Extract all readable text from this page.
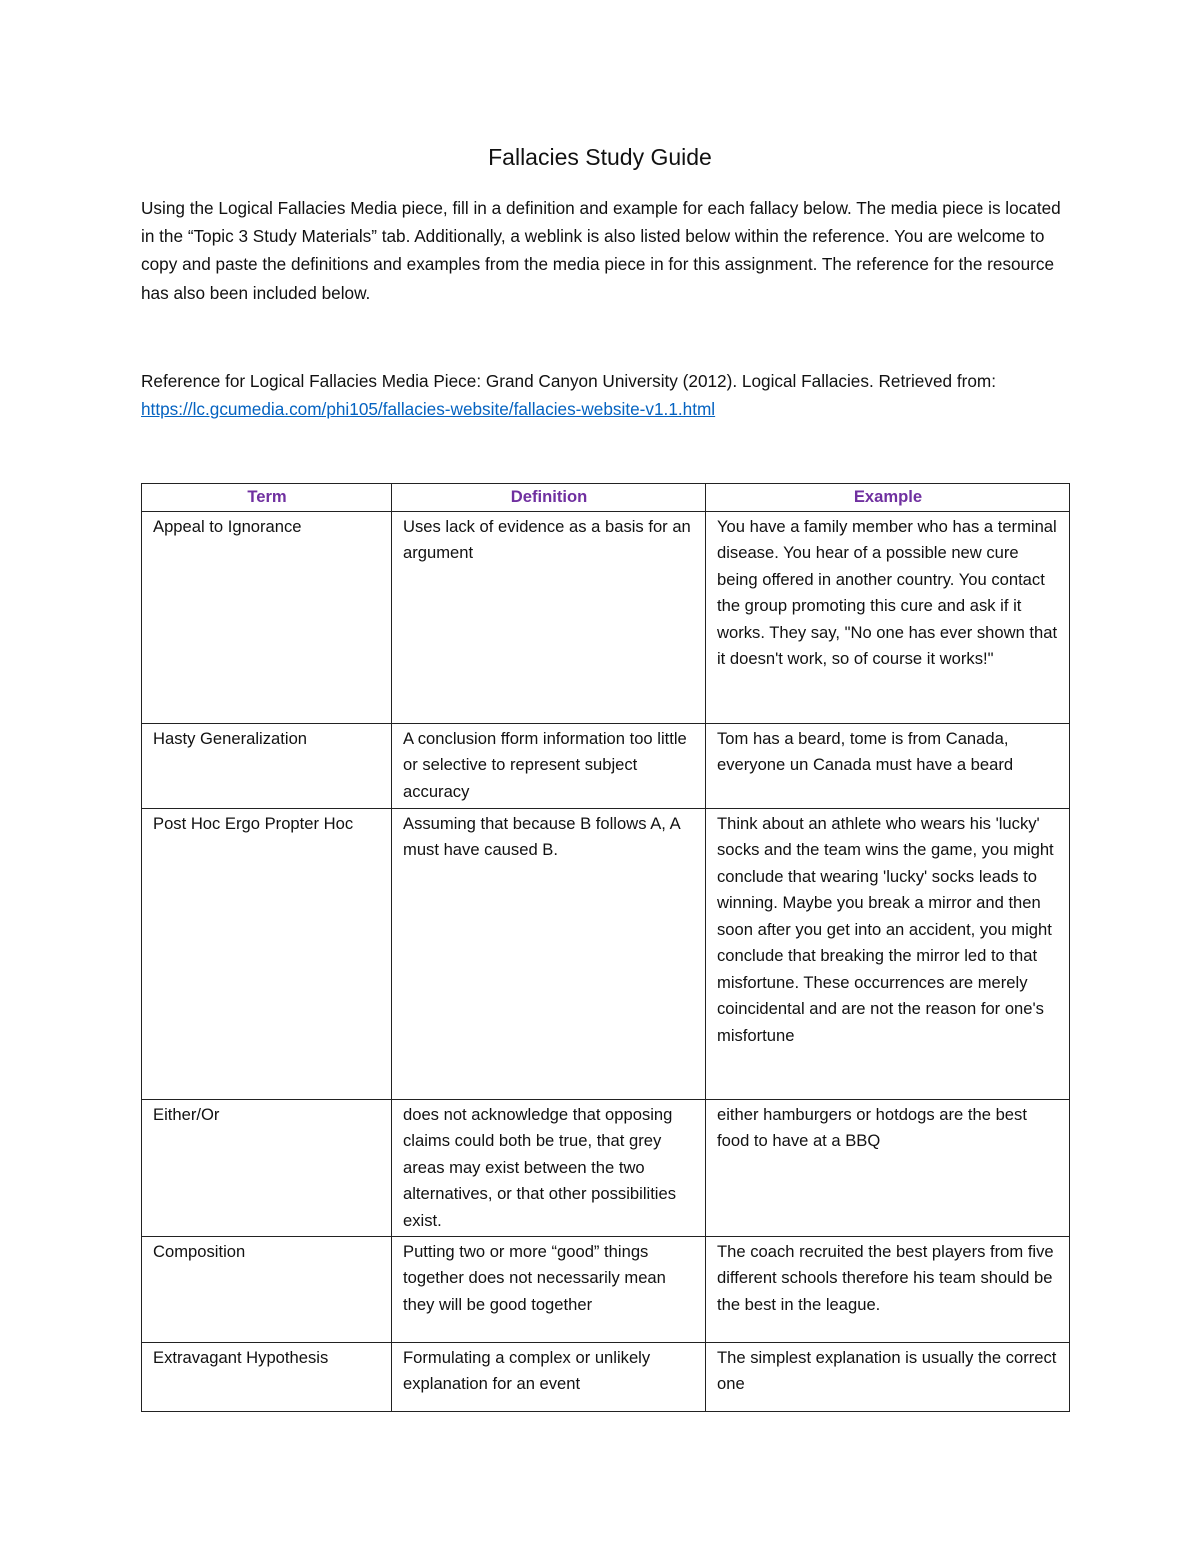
Fallacies Study Guide
Using the Logical Fallacies Media piece, fill in a definition and example for each fallacy below. The media piece is located in the “Topic 3 Study Materials” tab. Additionally, a weblink is also listed below within the reference. You are welcome to copy and paste the definitions and examples from the media piece in for this assignment. The reference for the resource has also been included below.
Reference for Logical Fallacies Media Piece: Grand Canyon University (2012). Logical Fallacies. Retrieved from: https://lc.gcumedia.com/phi105/fallacies-website/fallacies-website-v1.1.html
Term	Definition	Example
Appeal to Ignorance	Uses lack of evidence as a basis for an argument	You have a family member who has a terminal disease. You hear of a possible new cure being offered in another country. You contact the group promoting this cure and ask if it works. They say, "No one has ever shown that it doesn't work, so of course it works!"
Hasty Generalization	A conclusion fform information too little or selective to represent subject accuracy	Tom has a beard, tome is from Canada, everyone un Canada must have a beard
Post Hoc Ergo Propter Hoc	Assuming that because B follows A, A must have caused B.	Think about an athlete who wears his 'lucky' socks and the team wins the game, you might conclude that wearing 'lucky' socks leads to winning. Maybe you break a mirror and then soon after you get into an accident, you might conclude that breaking the mirror led to that misfortune. These occurrences are merely coincidental and are not the reason for one's misfortune
Either/Or	does not acknowledge that opposing claims could both be true, that grey areas may exist between the two alternatives, or that other possibilities exist.	either hamburgers or hotdogs are the best food to have at a BBQ
Composition	Putting two or more “good” things together does not necessarily mean they will be good together	The coach recruited the best players from five different schools therefore his team should be the best in the league.
Extravagant Hypothesis	Formulating a complex or unlikely explanation for an event	The simplest explanation is usually the correct one
